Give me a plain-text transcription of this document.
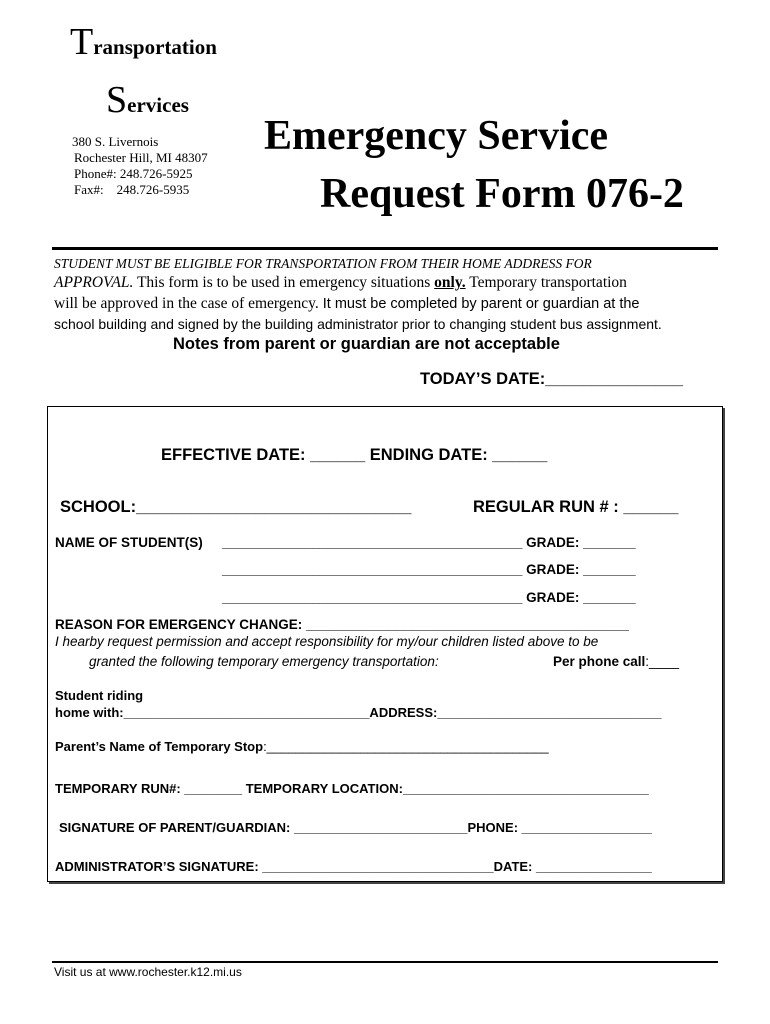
Transportation
Services
380 S. Livernois
Rochester Hill, MI 48307
Phone#: 248.726-5925
Fax#: 248.726-5935
Emergency Service
Request Form 076-2
STUDENT MUST BE ELIGIBLE FOR TRANSPORTATION FROM THEIR HOME ADDRESS FOR
APPROVAL. This form is to be used in emergency situations only. Temporary transportation
will be approved in the case of emergency. It must be completed by parent or guardian at the
school building and signed by the building administrator prior to changing student bus assignment.
Notes from parent or guardian are not acceptable
TODAY’S DATE:_______________
EFFECTIVE DATE: ______ ENDING DATE: ______
SCHOOL:______________________________	REGULAR RUN # : ______
NAME OF STUDENT(S) ________________________________________ GRADE: _______
________________________________________ GRADE: _______
________________________________________ GRADE: _______
REASON FOR EMERGENCY CHANGE: ___________________________________________
I hearby request permission and accept responsibility for my/our children listed above to be
granted the following temporary emergency transportation:	Per phone call:____
Student riding
home with:__________________________________ADDRESS:_______________________________
Parent’s Name of Temporary Stop:_______________________________________
TEMPORARY RUN#: ________ TEMPORARY LOCATION:__________________________________
SIGNATURE OF PARENT/GUARDIAN: ________________________PHONE: __________________
ADMINISTRATOR’S SIGNATURE: ________________________________DATE: ________________
Visit us at www.rochester.k12.mi.us
